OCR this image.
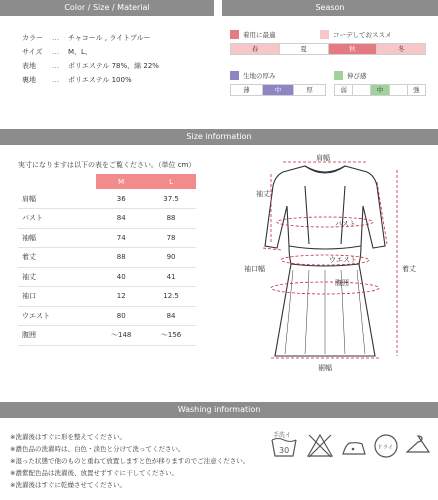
Color / Size / Material	Season
カラー … チャコール , ライトブルー
サイズ … M、L、
表地 … ポリエステル 78%、綿 22%
裏地 … ポリエステル 100%
着用に最適	コーデしておススメ
春	夏	秋	冬
生地の厚み	伸び感
薄	中	厚	弱	中	強
Size information
実寸になりますは以下の表をご覧ください。（単位 cm）
	M	L
肩幅	36	37.5
バスト	84	88
袖幅	74	78
着丈	88	90
袖丈	40	41
袖口	12	12.5
ウエスト	80	84
腹囲	～148	～156
肩幅
袖丈
バスト
ウエスト
袖口幅	着丈
腹囲
裾幅
Washing information
※洗濯後はすぐに形を整えてください。
※濃色品の洗濯時は、白色・淡色と分けて洗ってください。
※湿った状態で他のものと重ねて放置しますと色が移りますのでご注意ください。
※濃紫配色品は洗濯後、放置せずすぐに干してください。
※洗濯後はすぐに乾燥させてください。
手洗イ
30	ドライ
